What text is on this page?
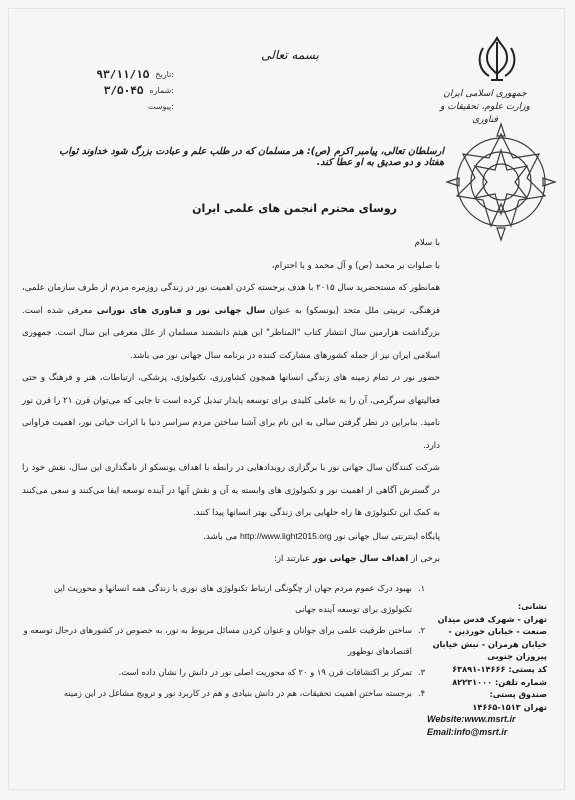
بسمه تعالی
۹۳/۱۱/۱۵ تاریخ:
۳/۵۰۴۵ شماره:
پیوست:
جمهوری اسلامی ایران
وزارت علوم، تحقیقات و فناوری
ارسلطان تعالی، پیامبر اکرم (ص): هر مسلمان که در طلب علم و عبادت بزرگ شود خداوند ثواب هفتاد و دو صدیق به او عطا کند.
روسای محترم انجمن های علمی ایران

با سلام

با صلوات بر محمد (ص) و آل محمد و با احترام،

همانطور که مستحضرید سال ۲۰۱۵ با هدف برجسته کردن اهمیت نور در زندگی روزمره مردم از طرف سازمان علمی، فرهنگی، تربیتی ملل متحد (یونسکو) به عنوان سال جهانی نور و فناوری های نورانی معرفی شده است. بزرگداشت هزارمین سال انتشار کتاب "المناظر" ابن هیثم دانشمند مسلمان از علل معرفی این سال است. جمهوری اسلامی ایران نیز از جمله کشورهای مشارکت کننده در برنامه سال جهانی نور می باشد.

حضور نور در تمام زمینه های زندگی انسانها همچون کشاورزی، تکنولوژی، پزشکی، ارتباطات، هنر و فرهنگ و حتی فعالیتهای سرگرمی، آن را به عاملی کلیدی برای توسعه پایدار تبدیل کرده است تا جایی که می‌توان قرن ۲۱ را قرن نور نامید. بنابراین در نظر گرفتن سالی به این نام برای آشنا ساختن مردم سراسر دنیا با اثرات حیاتی نور، اهمیت فراوانی دارد.

شرکت کنندگان سال جهانی نور با برگزاری رویدادهایی در رابطه با اهداف یونسکو از نامگذاری این سال، نقش خود را در گسترش آگاهی از اهمیت نور و تکنولوژی های وابسته به آن و نقش آنها در آینده توسعه ایفا می‌کنند و سعی می‌کنند به کمک این تکنولوژی ها راه حلهایی برای زندگی بهتر انسانها پیدا کنند.

پایگاه اینترنتی سال جهانی نور http://www.light2015.org می باشد.

برخی از اهداف سال جهانی نور عبارتند از:

۱.
بهبود درک عموم مردم جهان از چگونگی ارتباط تکنولوژی های نوری با زندگی همه انسانها و محوریت این تکنولوژی برای توسعه آینده جهانی
۲.
ساختن ظرفیت علمی برای جوانان و عنوان کردن مسائل مربوط به نور، به خصوص در کشورهای درحال توسعه و اقتصادهای نوظهور
۳.
تمرکز بر اکتشافات قرن ۱۹ و ۲۰ که محوریت اصلی نور در دانش را نشان داده است.
۴.
برجسته ساختن اهمیت تحقیقات، هم در دانش بنیادی و هم در کاربرد نور و ترویج مشاغل در این زمینه
نشانی:
تهران - شهرک قدس میدان صنعت - خیابان خوردین - خیابان هرمزان - نبش خیابان پیروزان جنوبی
کد پستی: ۱۴۶۶۶-۶۳۸۹۱
شماره تلفن: ۸۲۲۳۱۰۰۰
صندوق پستی:
تهران ۱۵۱۳-۱۴۶۶۵
Website:www.msrt.ir
Email:info@msrt.ir
